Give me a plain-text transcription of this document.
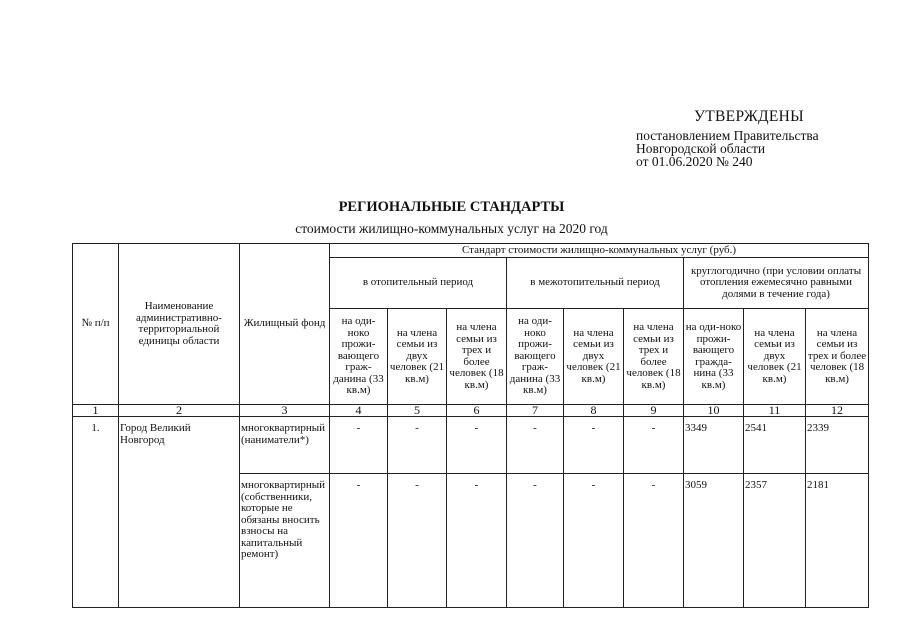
УТВЕРЖДЕНЫ
постановлением Правительства
Новгородской области
от 01.06.2020 № 240
РЕГИОНАЛЬНЫЕ СТАНДАРТЫ
стоимости жилищно-коммунальных услуг на 2020 год
№ п/п	Наименование административно-территориальной единицы области	Жилищный фонд	Стандарт стоимости жилищно-коммунальных услуг (руб.)								
			в отопительный период			в межотопительный период			круглогодично (при условии оплаты отопления ежемесячно равными долями в течение года)		
			на оди-ноко прожи-вающего граж-данина (33 кв.м)	на члена семьи из двух человек (21 кв.м)	на члена семьи из трех и более человек (18 кв.м)	на оди-ноко прожи-вающего граж-данина (33 кв.м)	на члена семьи из двух человек (21 кв.м)	на члена семьи из трех и более человек (18 кв.м)	на оди-ноко прожи-вающего гражда-нина (33 кв.м)	на члена семьи из двух человек (21 кв.м)	на члена семьи из трех и более человек (18 кв.м)
1	2	3	4	5	6	7	8	9	10	11	12
1.	Город Великий Новгород	многоквартирный (наниматели*)	-	-	-	-	-	-	3349	2541	2339
		многоквартирный (собственники, которые не обязаны вносить взносы на капитальный ремонт)	-	-	-	-	-	-	3059	2357	2181
